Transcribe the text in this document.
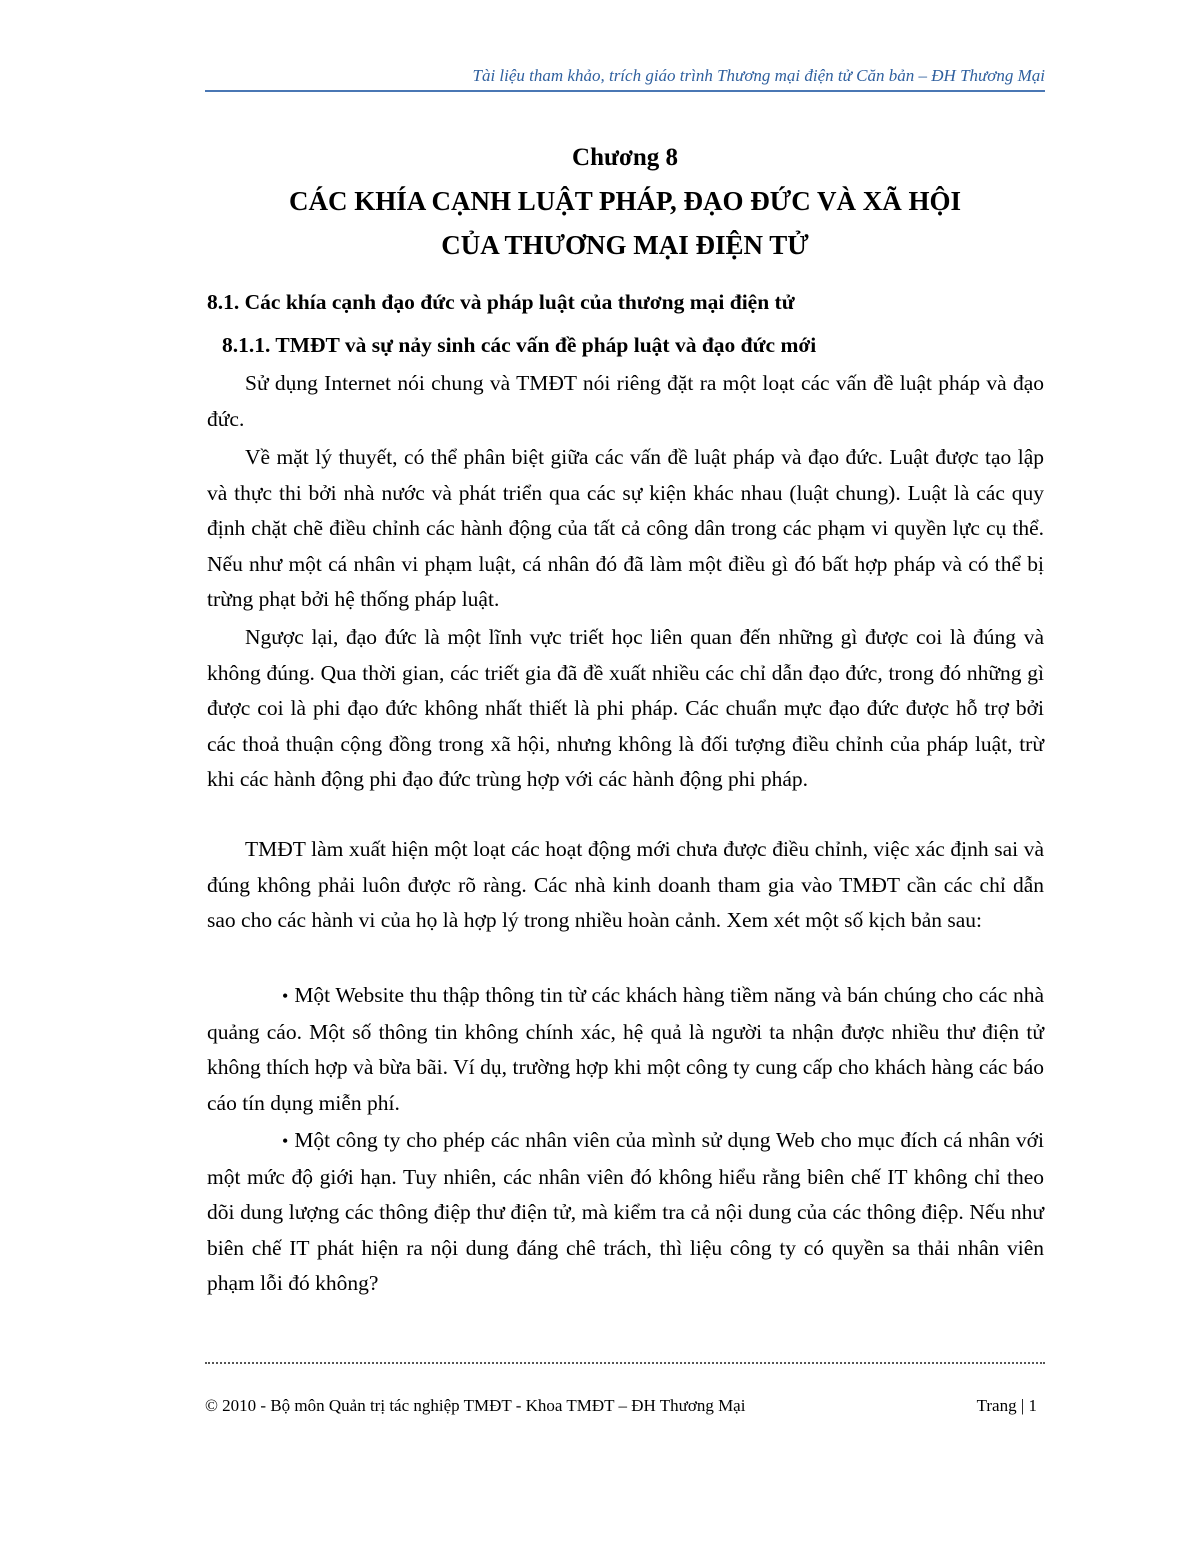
Tài liệu tham khảo, trích giáo trình Thương mại điện tử Căn bản – ĐH Thương Mại
Chương 8
CÁC KHÍA CẠNH LUẬT PHÁP, ĐẠO ĐỨC VÀ XÃ HỘI
CỦA THƯƠNG MẠI ĐIỆN TỬ
8.1. Các khía cạnh đạo đức và pháp luật của thương mại điện tử
8.1.1. TMĐT và sự nảy sinh các vấn đề pháp luật và đạo đức mới

Sử dụng Internet nói chung và TMĐT nói riêng đặt ra một loạt các vấn đề luật pháp và đạo đức.

Về mặt lý thuyết, có thể phân biệt giữa các vấn đề luật pháp và đạo đức. Luật được tạo lập và thực thi bởi nhà nước và phát triển qua các sự kiện khác nhau (luật chung). Luật là các quy định chặt chẽ điều chỉnh các hành động của tất cả công dân trong các phạm vi quyền lực cụ thể. Nếu như một cá nhân vi phạm luật, cá nhân đó đã làm một điều gì đó bất hợp pháp và có thể bị trừng phạt bởi hệ thống pháp luật.

Ngược lại, đạo đức là một lĩnh vực triết học liên quan đến những gì được coi là đúng và không đúng. Qua thời gian, các triết gia đã đề xuất nhiều các chỉ dẫn đạo đức, trong đó những gì được coi là phi đạo đức không nhất thiết là phi pháp. Các chuẩn mực đạo đức được hỗ trợ bởi các thoả thuận cộng đồng trong xã hội, nhưng không là đối tượng điều chỉnh của pháp luật, trừ khi các hành động phi đạo đức trùng hợp với các hành động phi pháp.

TMĐT làm xuất hiện một loạt các hoạt động mới chưa được điều chỉnh, việc xác định sai và đúng không phải luôn được rõ ràng. Các nhà kinh doanh tham gia vào TMĐT cần các chỉ dẫn sao cho các hành vi của họ là hợp lý trong nhiều hoàn cảnh. Xem xét một số kịch bản sau:

• Một Website thu thập thông tin từ các khách hàng tiềm năng và bán chúng cho các nhà quảng cáo. Một số thông tin không chính xác, hệ quả là người ta nhận được nhiều thư điện tử không thích hợp và bừa bãi. Ví dụ, trường hợp khi một công ty cung cấp cho khách hàng các báo cáo tín dụng miễn phí.

• Một công ty cho phép các nhân viên của mình sử dụng Web cho mục đích cá nhân với một mức độ giới hạn. Tuy nhiên, các nhân viên đó không hiểu rằng biên chế IT không chỉ theo dõi dung lượng các thông điệp thư điện tử, mà kiểm tra cả nội dung của các thông điệp. Nếu như biên chế IT phát hiện ra nội dung đáng chê trách, thì liệu công ty có quyền sa thải nhân viên phạm lỗi đó không?

© 2010 - Bộ môn Quản trị tác nghiệp TMĐT - Khoa TMĐT – ĐH Thương Mại	Trang | 1
